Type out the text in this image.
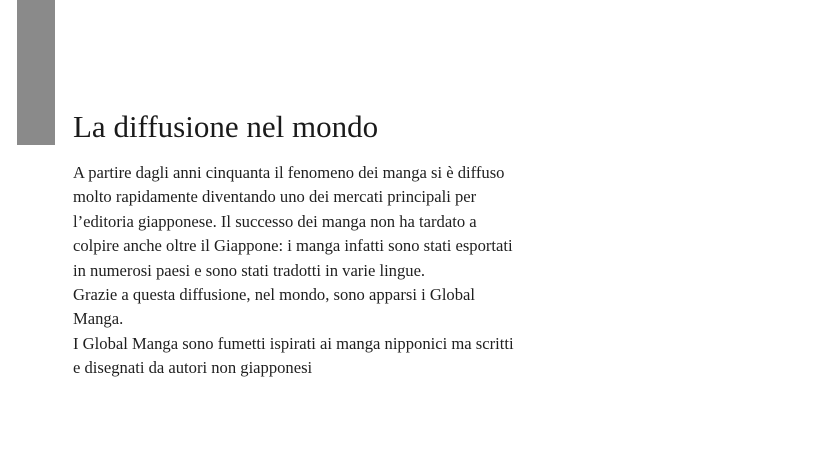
La diffusione nel mondo

A partire dagli anni cinquanta il fenomeno dei manga si è diffuso

molto rapidamente diventando uno dei mercati principali per

l’editoria giapponese. Il successo dei manga non ha tardato a

colpire anche oltre il Giappone: i manga infatti sono stati esportati

in numerosi paesi e sono stati tradotti in varie lingue.

Grazie a questa diffusione, nel mondo, sono apparsi i Global

Manga.

I Global Manga sono fumetti ispirati ai manga nipponici ma scritti

e disegnati da autori non giapponesi
